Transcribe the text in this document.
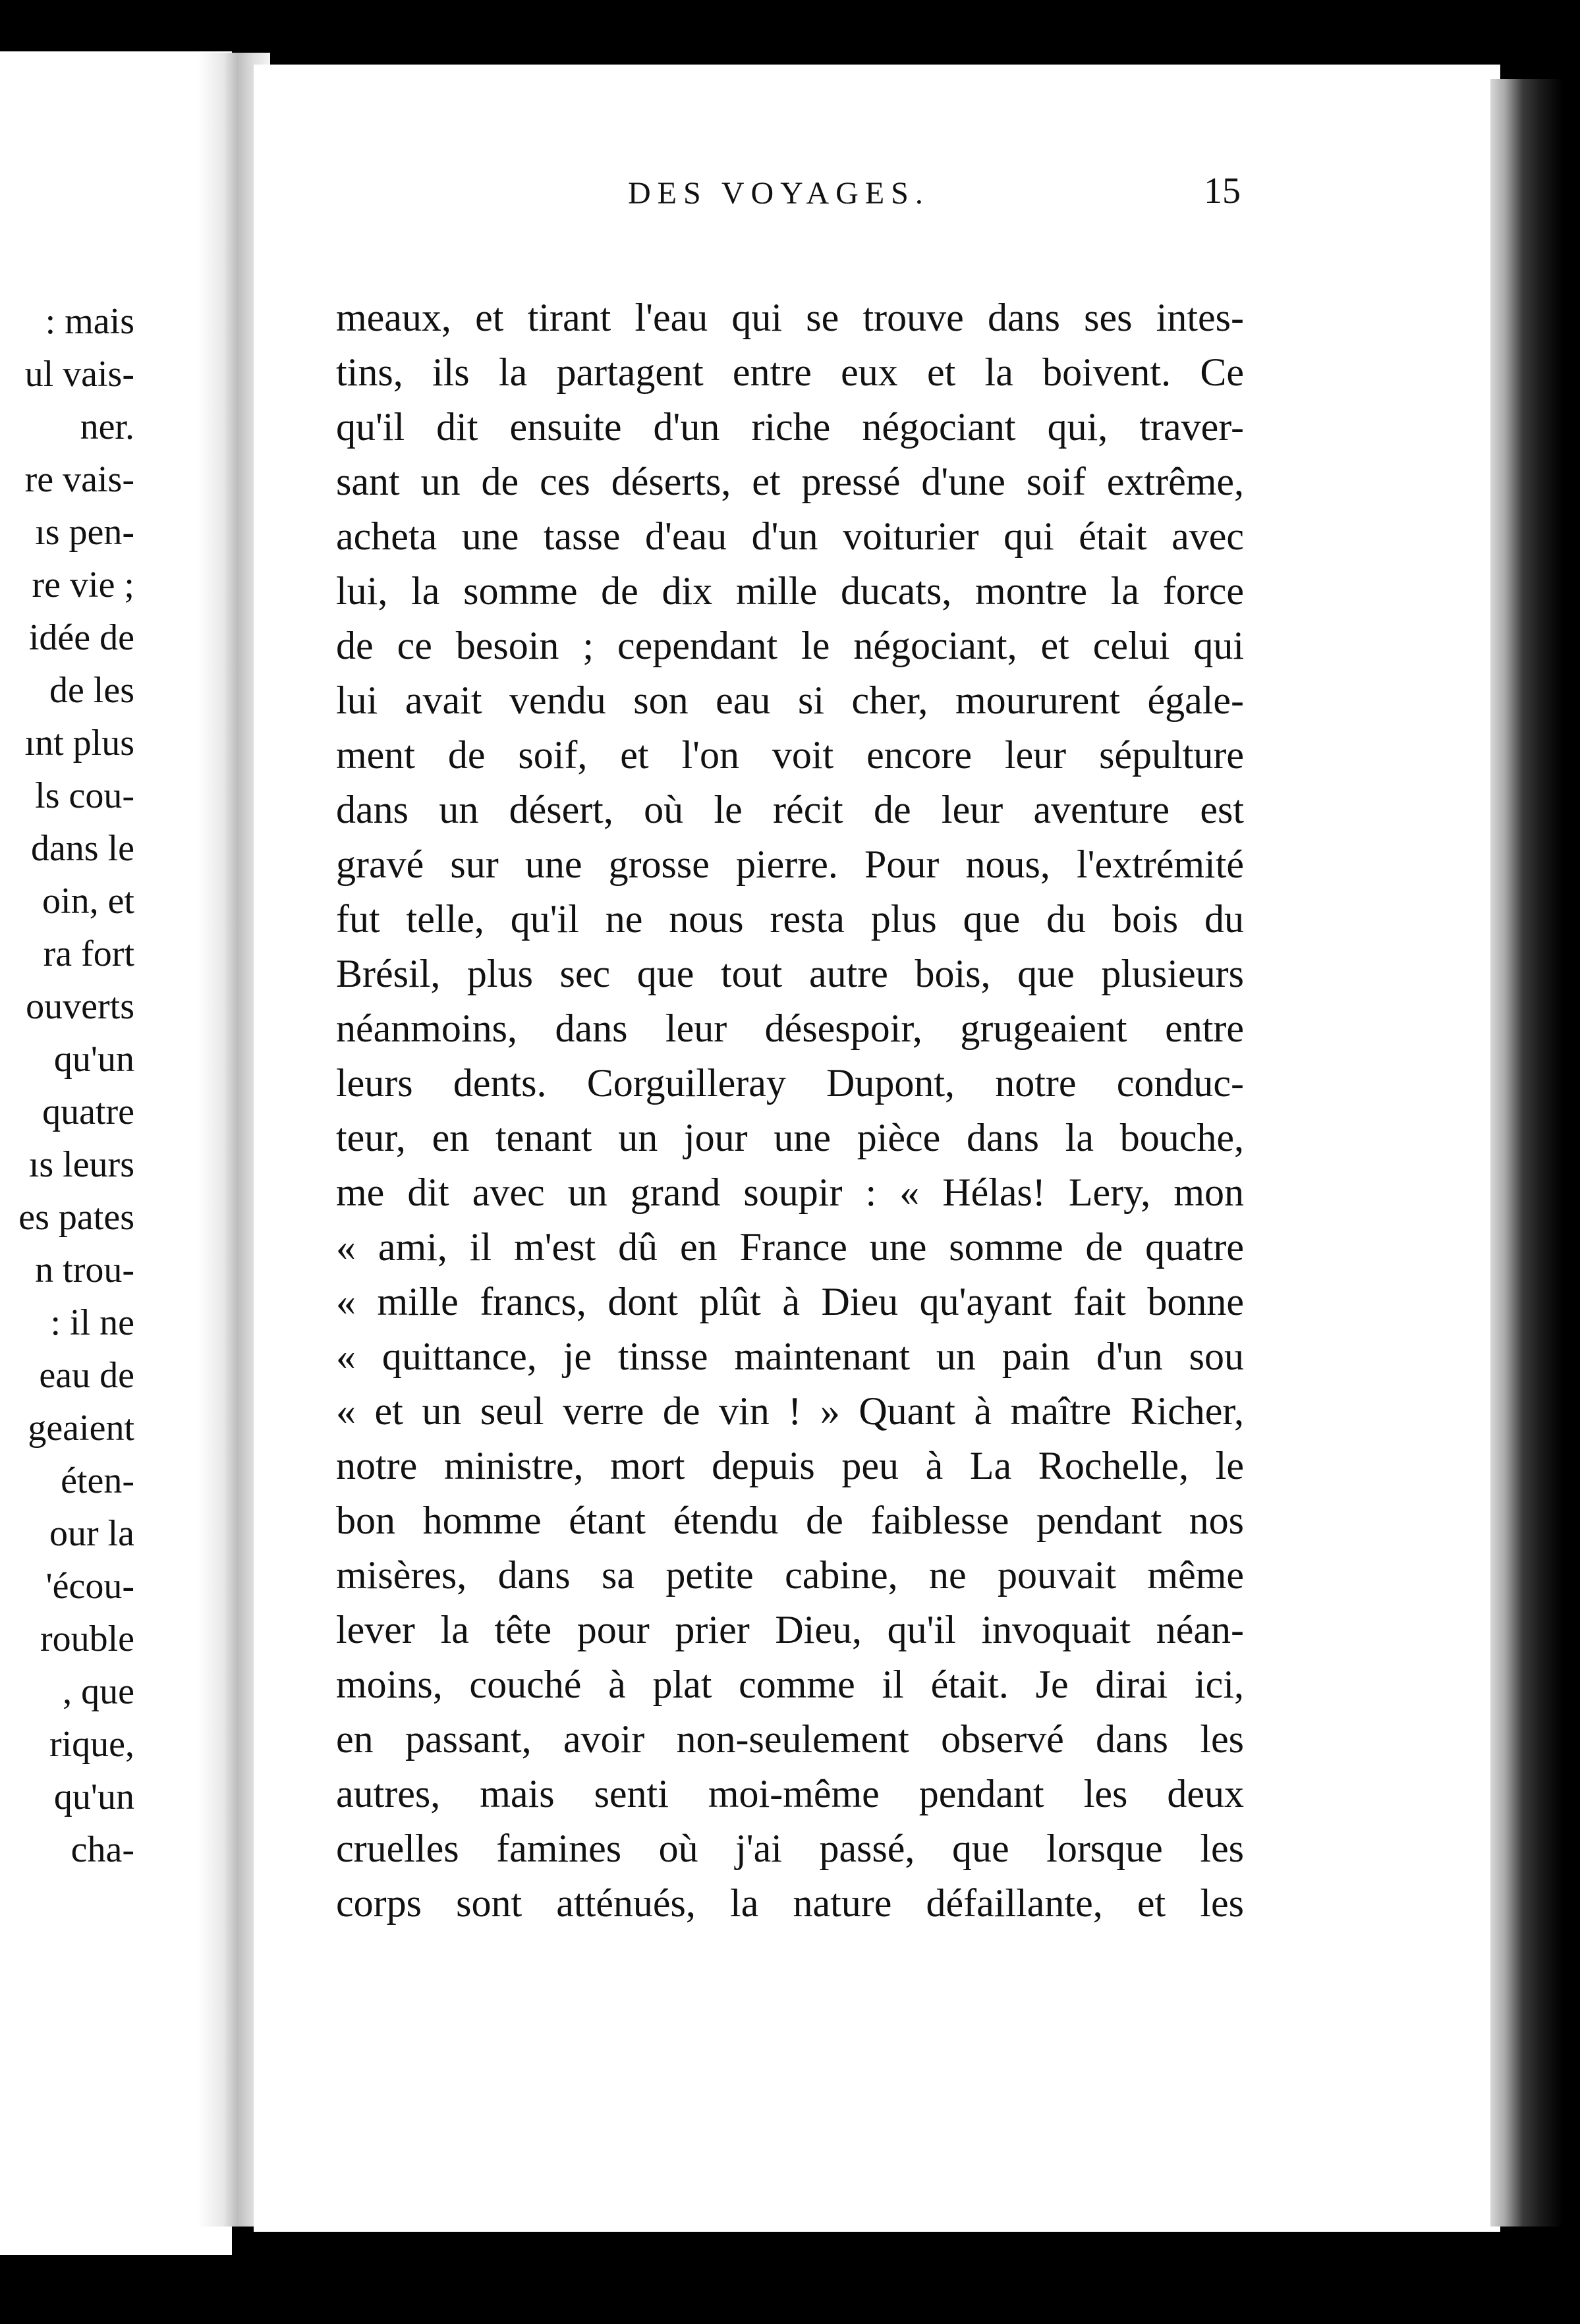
: mais
ul vais-
ner.
re vais-
ıs pen-
re vie ;
idée de
de les
ınt plus
ls cou-
dans le
oin, et
ra fort
ouverts
qu'un
quatre
ıs leurs
es pates
n trou-
: il ne
eau de
geaient
éten-
our la
'écou-
rouble
, que
rique,
qu'un
cha-
DES VOYAGES.	15
meaux, et tirant l'eau qui se trouve dans ses intes-
tins, ils la partagent entre eux et la boivent. Ce
qu'il dit ensuite d'un riche négociant qui, traver-
sant un de ces déserts, et pressé d'une soif extrême,
acheta une tasse d'eau d'un voiturier qui était avec
lui, la somme de dix mille ducats, montre la force
de ce besoin ; cependant le négociant, et celui qui
lui avait vendu son eau si cher, moururent égale-
ment de soif, et l'on voit encore leur sépulture
dans un désert, où le récit de leur aventure est
gravé sur une grosse pierre. Pour nous, l'extrémité
fut telle, qu'il ne nous resta plus que du bois du
Brésil, plus sec que tout autre bois, que plusieurs
néanmoins, dans leur désespoir, grugeaient entre
leurs dents. Corguilleray Dupont, notre conduc-
teur, en tenant un jour une pièce dans la bouche,
me dit avec un grand soupir : « Hélas! Lery, mon
« ami, il m'est dû en France une somme de quatre
« mille francs, dont plût à Dieu qu'ayant fait bonne
« quittance, je tinsse maintenant un pain d'un sou
« et un seul verre de vin ! » Quant à maître Richer,
notre ministre, mort depuis peu à La Rochelle, le
bon homme étant étendu de faiblesse pendant nos
misères, dans sa petite cabine, ne pouvait même
lever la tête pour prier Dieu, qu'il invoquait néan-
moins, couché à plat comme il était. Je dirai ici,
en passant, avoir non-seulement observé dans les
autres, mais senti moi-même pendant les deux
cruelles famines où j'ai passé, que lorsque les
corps sont atténués, la nature défaillante, et les
